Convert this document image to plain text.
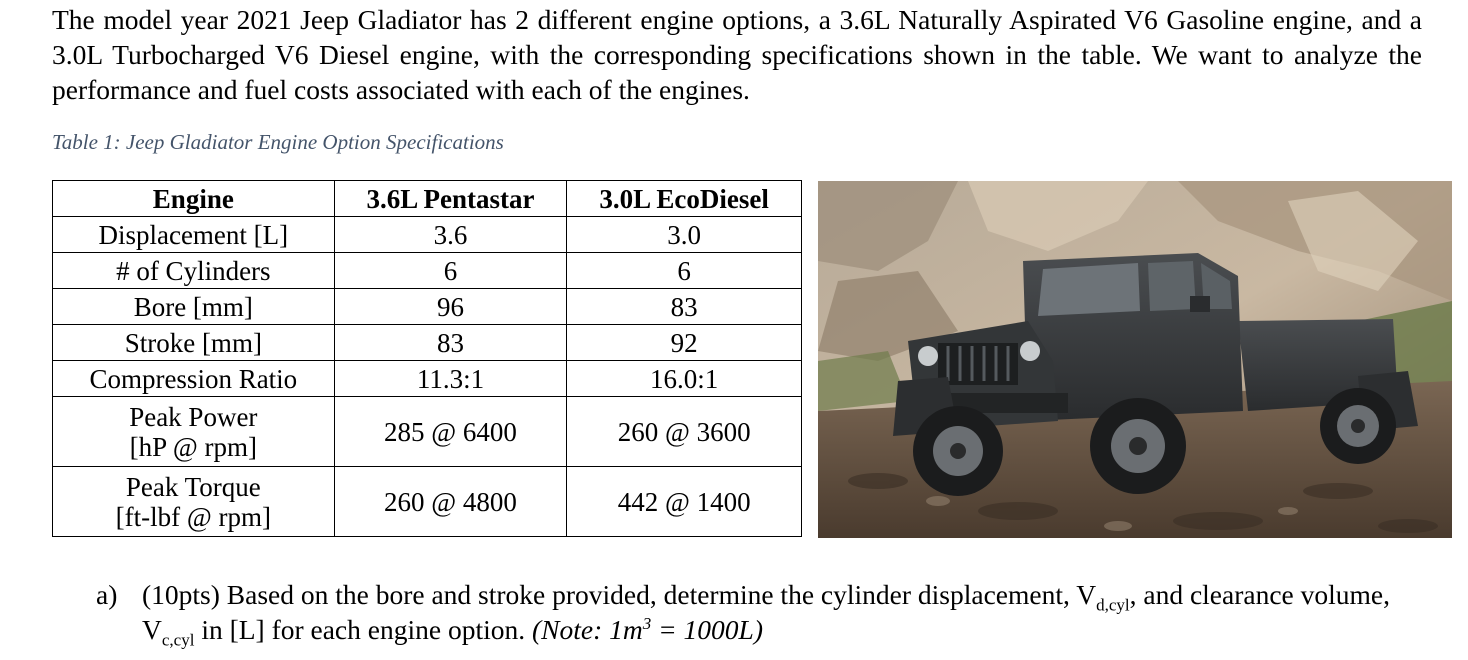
The model year 2021 Jeep Gladiator has 2 different engine options, a 3.6L Naturally Aspirated V6 Gasoline engine, and a 3.0L Turbocharged V6 Diesel engine, with the corresponding specifications shown in the table. We want to analyze the performance and fuel costs associated with each of the engines.

Table 1: Jeep Gladiator Engine Option Specifications

Engine	3.6L Pentastar	3.0L EcoDiesel
Displacement [L]	3.6	3.0
# of Cylinders	6	6
Bore [mm]	96	83
Stroke [mm]	83	92
Compression Ratio	11.3:1	16.0:1

Peak Power
[hP @ rpm]	285 @ 6400	260 @ 3600

Peak Torque
[ft-lbf @ rpm]	260 @ 4800	442 @ 1400
a) (10pts) Based on the bore and stroke provided, determine the cylinder displacement, $V_{d,cyl}$, and clearance volume, $V_{c,cyl}$ in [L] for each engine option. (Note: $1m^3 = 1000L$)
